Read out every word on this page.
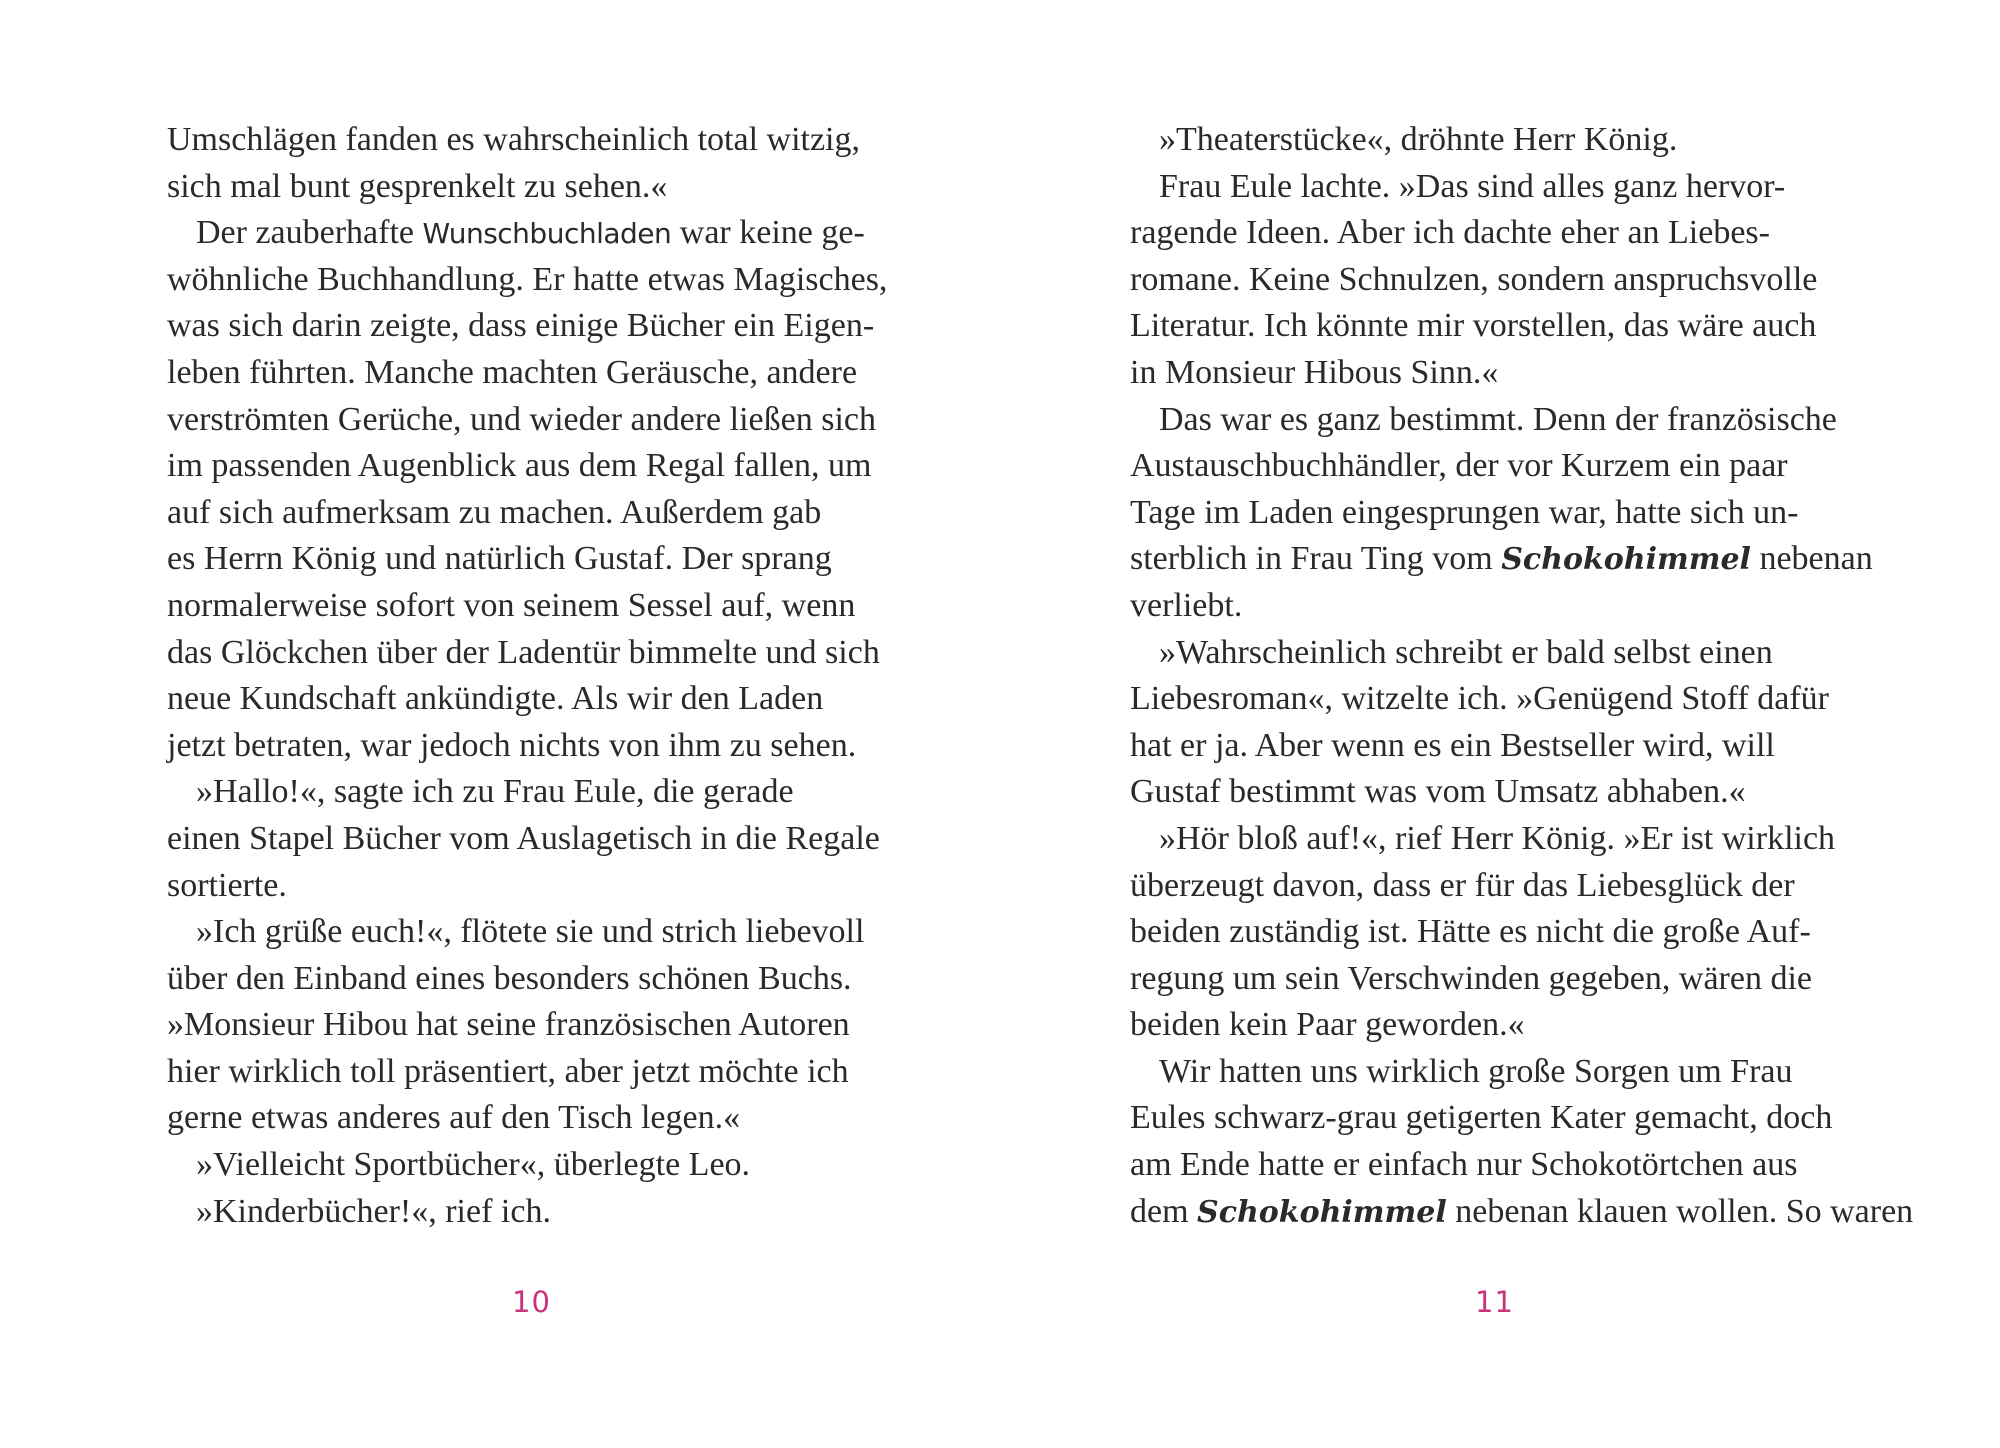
Umschlägen fanden es wahrscheinlich total witzig,
sich mal bunt gesprenkelt zu sehen.«
Der zauberhafte Wunschbuchladen war keine ge-
wöhnliche Buchhandlung. Er hatte etwas Magisches,
was sich darin zeigte, dass einige Bücher ein Eigen-
leben führten. Manche machten Geräusche, andere
verströmten Gerüche, und wieder andere ließen sich
im passenden Augenblick aus dem Regal fallen, um
auf sich aufmerksam zu machen. Außerdem gab
es Herrn König und natürlich Gustaf. Der sprang
normalerweise sofort von seinem Sessel auf, wenn
das Glöckchen über der Ladentür bimmelte und sich
neue Kundschaft ankündigte. Als wir den Laden
jetzt betraten, war jedoch nichts von ihm zu sehen.
»Hallo!«, sagte ich zu Frau Eule, die gerade
einen Stapel Bücher vom Auslagetisch in die Regale
sortierte.
»Ich grüße euch!«, flötete sie und strich liebevoll
über den Einband eines besonders schönen Buchs.
»Monsieur Hibou hat seine französischen Autoren
hier wirklich toll präsentiert, aber jetzt möchte ich
gerne etwas anderes auf den Tisch legen.«
»Vielleicht Sportbücher«, überlegte Leo.
»Kinderbücher!«, rief ich.
10
»Theaterstücke«, dröhnte Herr König.
Frau Eule lachte. »Das sind alles ganz hervor-
ragende Ideen. Aber ich dachte eher an Liebes-
romane. Keine Schnulzen, sondern anspruchsvolle
Literatur. Ich könnte mir vorstellen, das wäre auch
in Monsieur Hibous Sinn.«
Das war es ganz bestimmt. Denn der französische
Austauschbuchhändler, der vor Kurzem ein paar
Tage im Laden eingesprungen war, hatte sich un-
sterblich in Frau Ting vom Schokohimmel nebenan
verliebt.
»Wahrscheinlich schreibt er bald selbst einen
Liebesroman«, witzelte ich. »Genügend Stoff dafür
hat er ja. Aber wenn es ein Bestseller wird, will
Gustaf bestimmt was vom Umsatz abhaben.«
»Hör bloß auf!«, rief Herr König. »Er ist wirklich
überzeugt davon, dass er für das Liebesglück der
beiden zuständig ist. Hätte es nicht die große Auf-
regung um sein Verschwinden gegeben, wären die
beiden kein Paar geworden.«
Wir hatten uns wirklich große Sorgen um Frau
Eules schwarz-grau getigerten Kater gemacht, doch
am Ende hatte er einfach nur Schokotörtchen aus
dem Schokohimmel nebenan klauen wollen. So waren
11
